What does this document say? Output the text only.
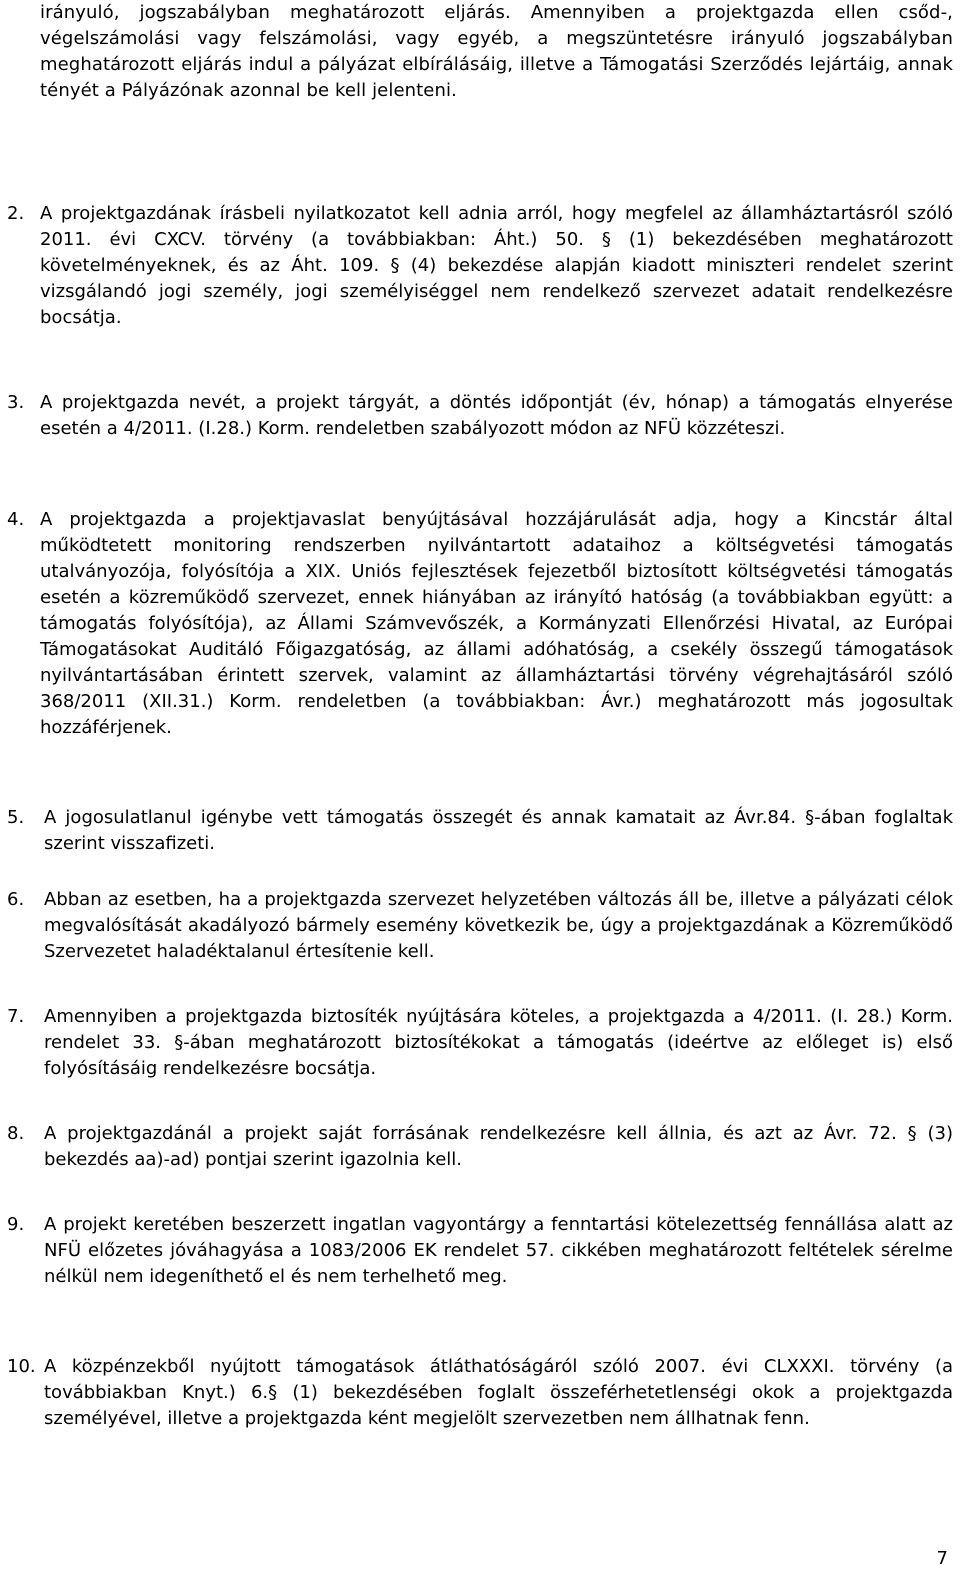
irányuló, jogszabályban meghatározott eljárás. Amennyiben a projektgazda ellen csőd-, végelszámolási vagy felszámolási, vagy egyéb, a megszüntetésre irányuló jogszabályban meghatározott eljárás indul a pályázat elbírálásáig, illetve a Támogatási Szerződés lejártáig, annak tényét a Pályázónak azonnal be kell jelenteni.
2. A projektgazdának írásbeli nyilatkozatot kell adnia arról, hogy megfelel az államháztartásról szóló 2011. évi CXCV. törvény (a továbbiakban: Áht.) 50. § (1) bekezdésében meghatározott követelményeknek, és az Áht. 109. § (4) bekezdése alapján kiadott miniszteri rendelet szerint vizsgálandó jogi személy, jogi személyiséggel nem rendelkező szervezet adatait rendelkezésre bocsátja.
3. A projektgazda nevét, a projekt tárgyát, a döntés időpontját (év, hónap) a támogatás elnyerése esetén a 4/2011. (I.28.) Korm. rendeletben szabályozott módon az NFÜ közzéteszi.
4. A projektgazda a projektjavaslat benyújtásával hozzájárulását adja, hogy a Kincstár által működtetett monitoring rendszerben nyilvántartott adataihoz a költségvetési támogatás utalványozója, folyósítója a XIX. Uniós fejlesztések fejezetből biztosított költségvetési támogatás esetén a közreműködő szervezet, ennek hiányában az irányító hatóság (a továbbiakban együtt: a támogatás folyósítója), az Állami Számvevőszék, a Kormányzati Ellenőrzési Hivatal, az Európai Támogatásokat Auditáló Főigazgatóság, az állami adóhatóság, a csekély összegű támogatások nyilvántartásában érintett szervek, valamint az államháztartási törvény végrehajtásáról szóló 368/2011 (XII.31.) Korm. rendeletben (a továbbiakban: Ávr.) meghatározott más jogosultak hozzáférjenek.
5. A jogosulatlanul igénybe vett támogatás összegét és annak kamatait az Ávr.84. §-ában foglaltak szerint visszafizeti.
6. Abban az esetben, ha a projektgazda szervezet helyzetében változás áll be, illetve a pályázati célok megvalósítását akadályozó bármely esemény következik be, úgy a projektgazdának a Közreműködő Szervezetet haladéktalanul értesítenie kell.
7. Amennyiben a projektgazda biztosíték nyújtására köteles, a projektgazda a 4/2011. (I. 28.) Korm. rendelet 33. §-ában meghatározott biztosítékokat a támogatás (ideértve az előleget is) első folyósításáig rendelkezésre bocsátja.
8. A projektgazdánál a projekt saját forrásának rendelkezésre kell állnia, és azt az Ávr. 72. § (3) bekezdés aa)-ad) pontjai szerint igazolnia kell.
9. A projekt keretében beszerzett ingatlan vagyontárgy a fenntartási kötelezettség fennállása alatt az NFÜ előzetes jóváhagyása a 1083/2006 EK rendelet 57. cikkében meghatározott feltételek sérelme nélkül nem idegeníthető el és nem terhelhető meg.
10. A közpénzekből nyújtott támogatások átláthatóságáról szóló 2007. évi CLXXXI. törvény (a továbbiakban Knyt.) 6.§ (1) bekezdésében foglalt összeférhetetlenségi okok a projektgazda személyével, illetve a projektgazda ként megjelölt szervezetben nem állhatnak fenn.
7
